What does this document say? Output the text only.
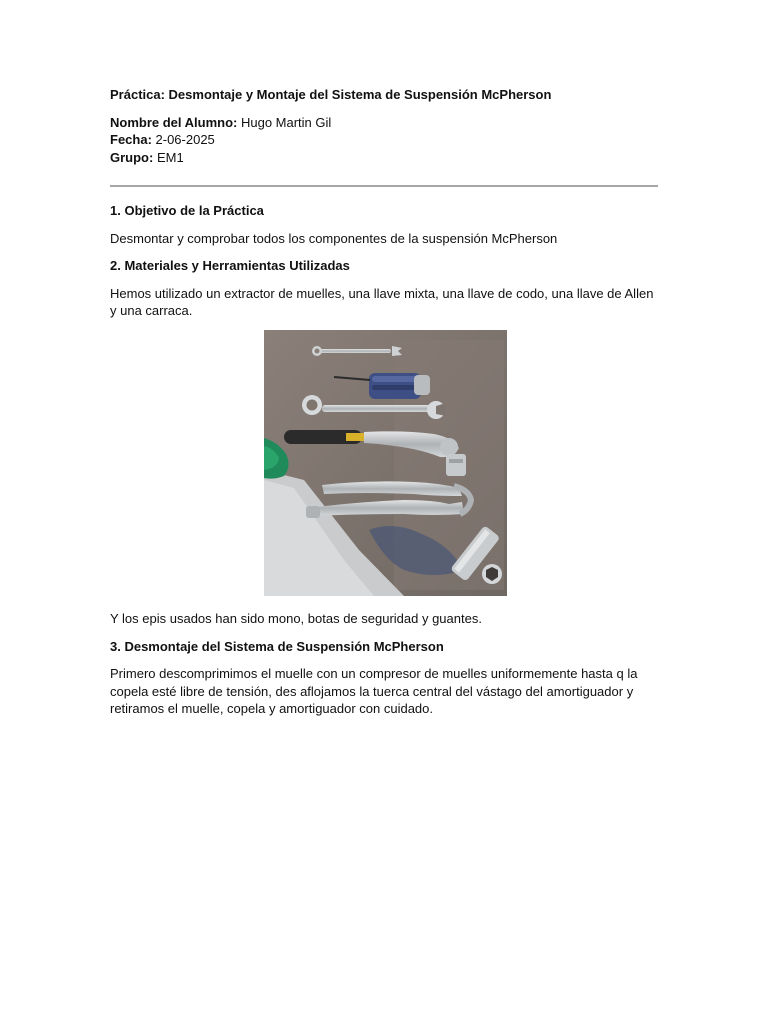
Práctica: Desmontaje y Montaje del Sistema de Suspensión McPherson

Nombre del Alumno: Hugo Martin Gil

Fecha: 2-06-2025

Grupo: EM1

1. Objetivo de la Práctica

Desmontar y comprobar todos los componentes de la suspensión McPherson

2. Materiales y Herramientas Utilizadas

Hemos utilizado un extractor de muelles, una llave mixta, una llave de codo, una llave de Allen y una carraca.

Y los epis usados han sido mono, botas de seguridad y guantes.

3. Desmontaje del Sistema de Suspensión McPherson

Primero descomprimimos el muelle con un compresor de muelles uniformemente hasta q la copela esté libre de tensión, des aflojamos la tuerca central del vástago del amortiguador y retiramos el muelle, copela y amortiguador con cuidado.
